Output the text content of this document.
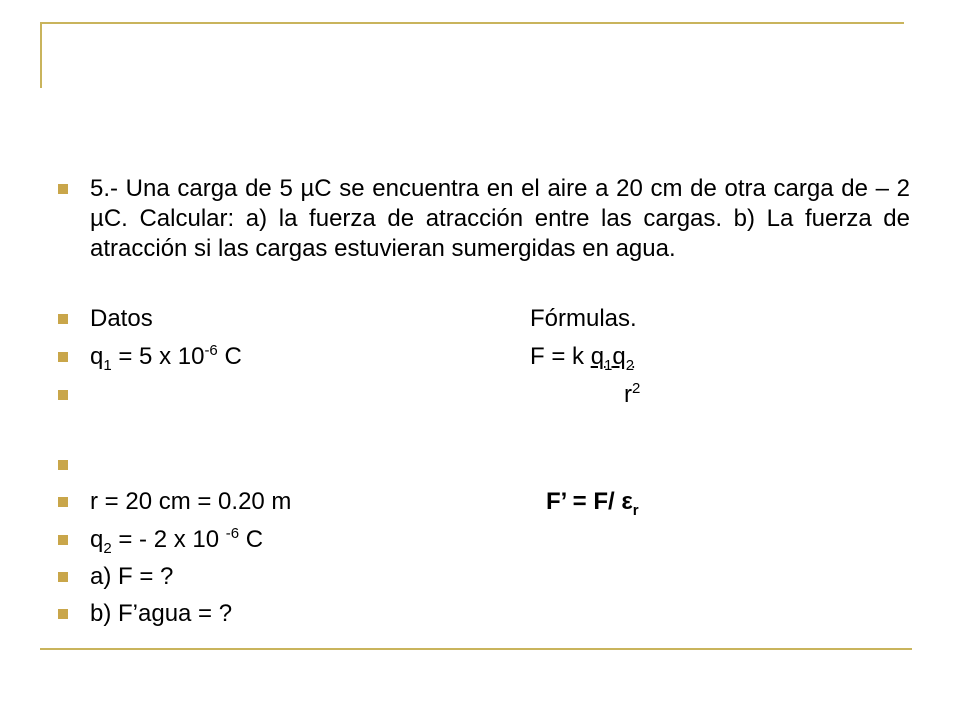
5.- Una carga de 5 µC se encuentra en el aire a 20 cm de otra carga de – 2 µC. Calcular: a) la fuerza de atracción entre las cargas. b) La fuerza de atracción si las cargas estuvieran sumergidas en agua.

Datos	Fórmulas.
$q_1 = 5$ x $10^{-6}$ C	F = k $q_1q_2$
$r^2$
r = 20 cm = 0.20 m	F’ = F/ $\varepsilon_r$
$q_2$ = - 2 x 10 $^{-6}$ C
a) F = ?
b) F’agua = ?
